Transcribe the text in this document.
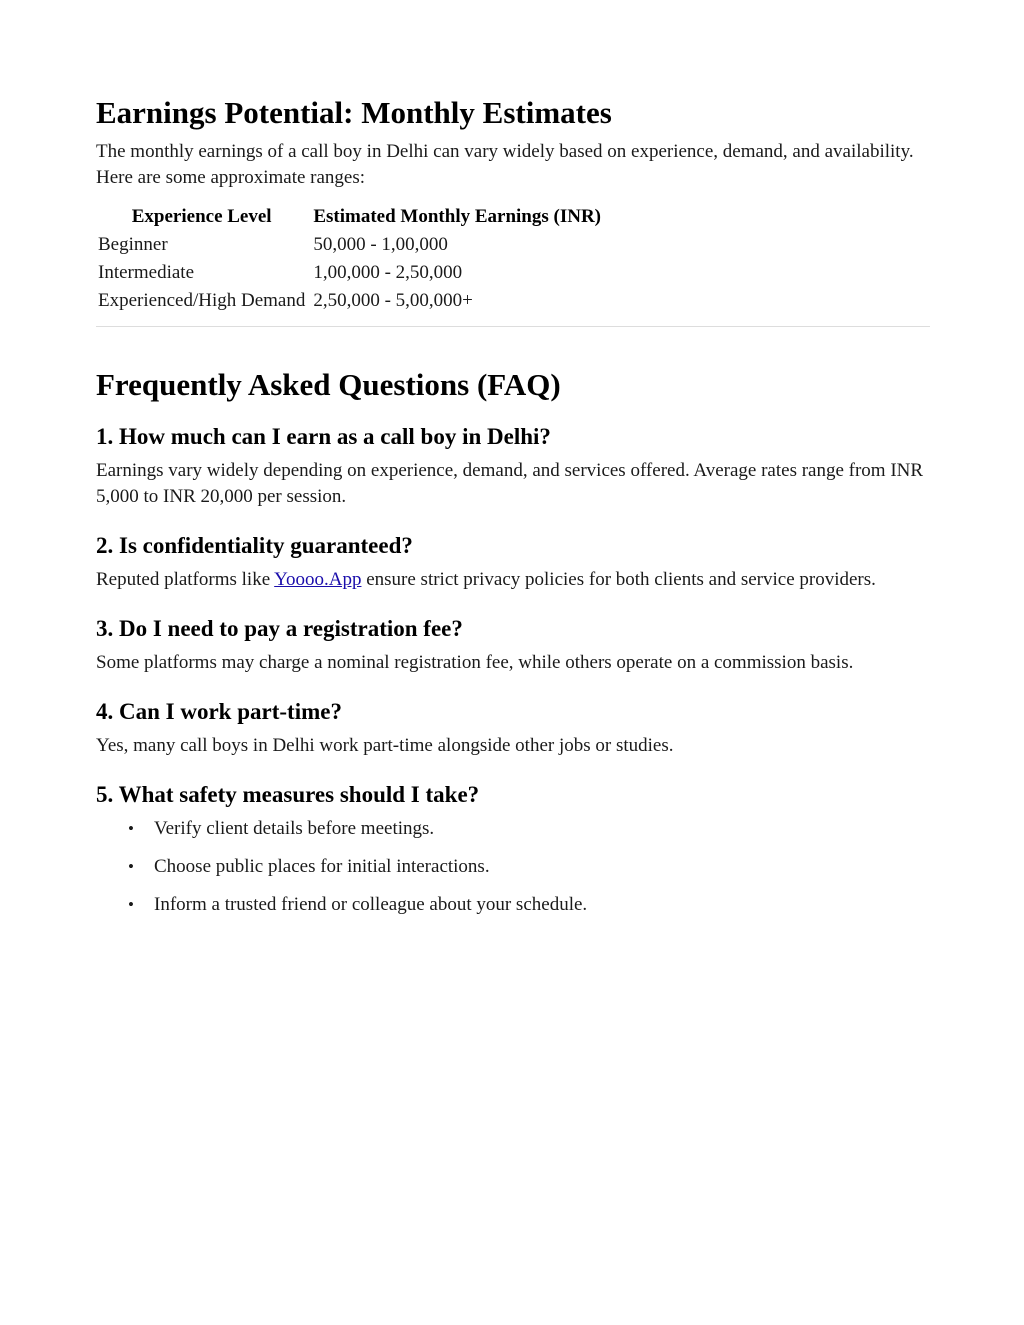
Earnings Potential: Monthly Estimates

The monthly earnings of a call boy in Delhi can vary widely based on experience, demand, and availability. Here are some approximate ranges:

Experience Level	Estimated Monthly Earnings (INR)
Beginner	50,000 - 1,00,000
Intermediate	1,00,000 - 2,50,000
Experienced/High Demand	2,50,000 - 5,00,000+
Frequently Asked Questions (FAQ)
1. How much can I earn as a call boy in Delhi?

Earnings vary widely depending on experience, demand, and services offered. Average rates range from INR 5,000 to INR 20,000 per session.

2. Is confidentiality guaranteed?

Reputed platforms like Yoooo.App ensure strict privacy policies for both clients and service providers.

3. Do I need to pay a registration fee?

Some platforms may charge a nominal registration fee, while others operate on a commission basis.

4. Can I work part-time?

Yes, many call boys in Delhi work part-time alongside other jobs or studies.

5. What safety measures should I take?
• Verify client details before meetings.
• Choose public places for initial interactions.
• Inform a trusted friend or colleague about your schedule.
